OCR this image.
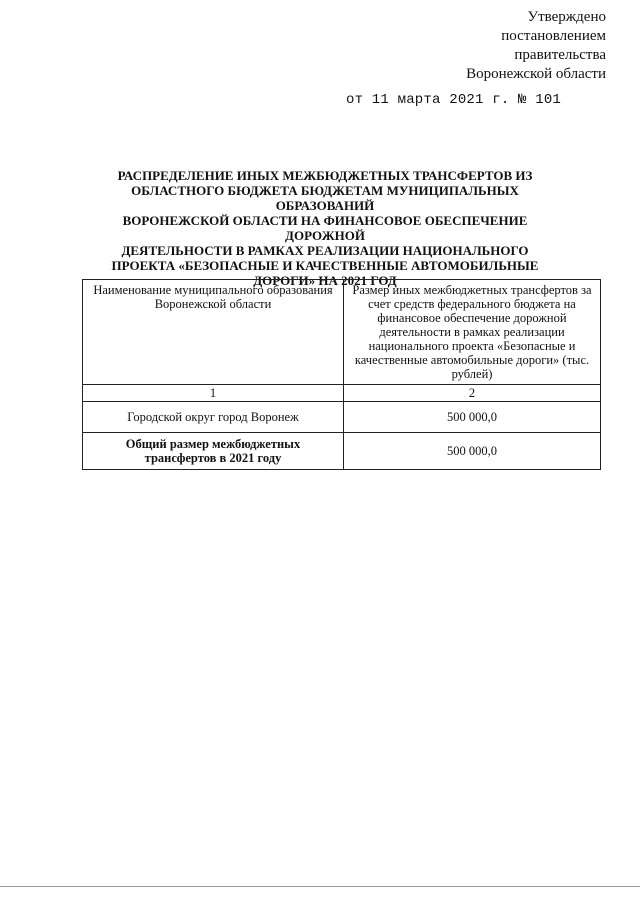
Утверждено
постановлением
правительства
Воронежской области
от 11 марта 2021 г. № 101
РАСПРЕДЕЛЕНИЕ ИНЫХ МЕЖБЮДЖЕТНЫХ ТРАНСФЕРТОВ ИЗ
ОБЛАСТНОГО БЮДЖЕТА БЮДЖЕТАМ МУНИЦИПАЛЬНЫХ ОБРАЗОВАНИЙ
ВОРОНЕЖСКОЙ ОБЛАСТИ НА ФИНАНСОВОЕ ОБЕСПЕЧЕНИЕ ДОРОЖНОЙ
ДЕЯТЕЛЬНОСТИ В РАМКАХ РЕАЛИЗАЦИИ НАЦИОНАЛЬНОГО
ПРОЕКТА «БЕЗОПАСНЫЕ И КАЧЕСТВЕННЫЕ АВТОМОБИЛЬНЫЕ
ДОРОГИ» НА 2021 ГОД
Наименование муниципального образования Воронежской области	Размер иных межбюджетных трансфертов за счет средств федерального бюджета на финансовое обеспечение дорожной деятельности в рамках реализации национального проекта «Безопасные и качественные автомобильные дороги» (тыс. рублей)
1	2
Городской округ город Воронеж	500 000,0
Общий размер межбюджетных трансфертов в 2021 году	500 000,0
